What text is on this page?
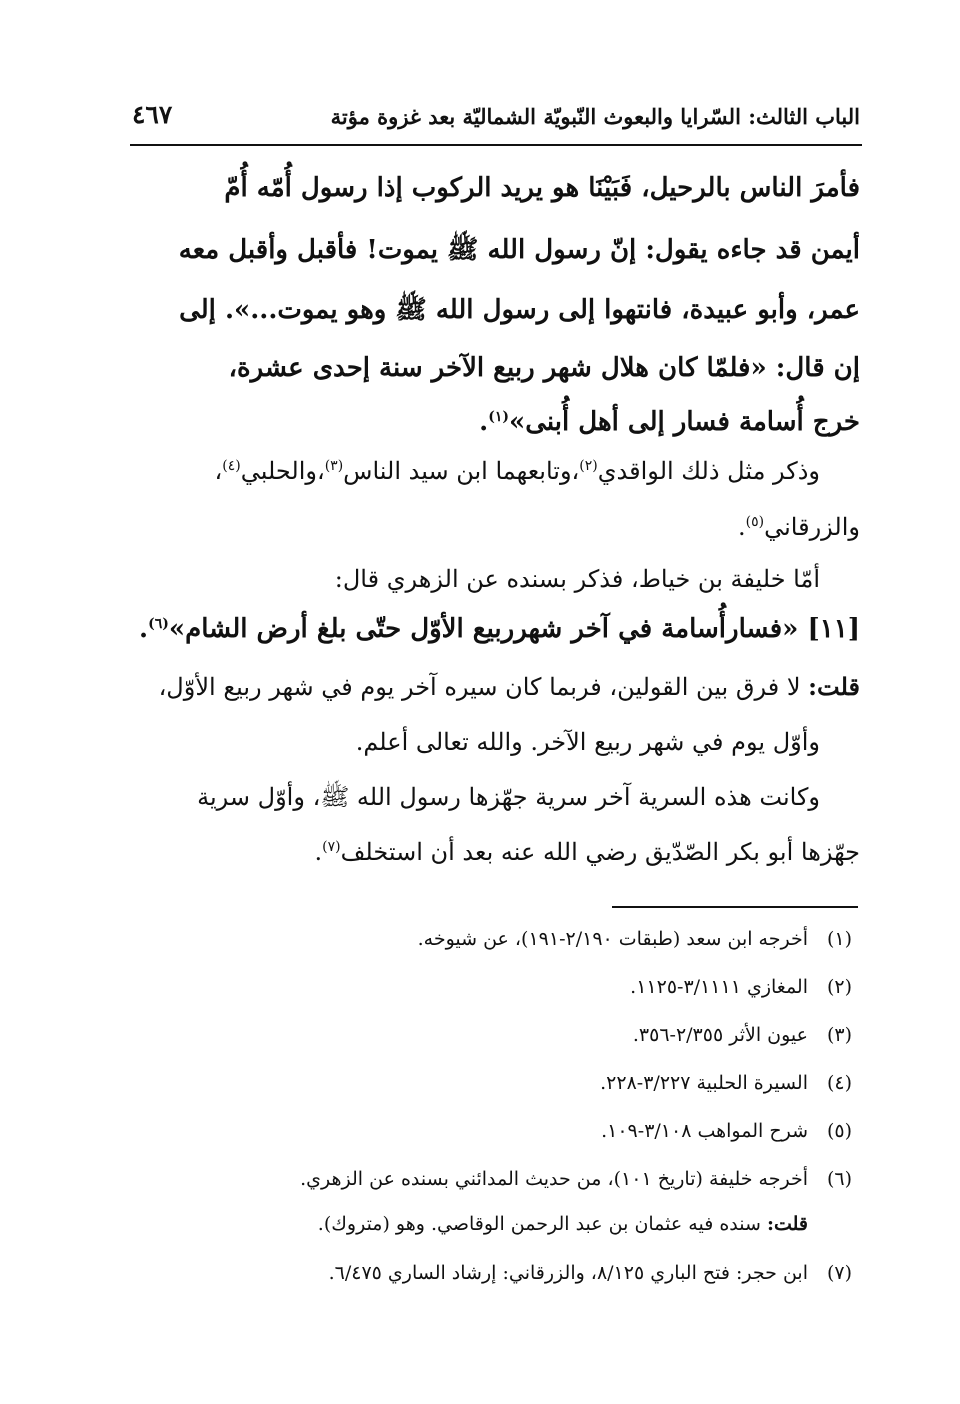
الباب الثالث: السّرايا والبعوث النّبويّة الشماليّة بعد غزوة مؤتة
٤٦٧
فأمرَ الناس بالرحيل، فَبَيْنَا هو يريد الركوب إذا رسول أُمّه أُمّ
أيمن قد جاءه يقول: إنّ رسول الله ﷺ يموت! فأقبل وأقبل معه
عمر، وأبو عبيدة، فانتهوا إلى رسول الله ﷺ وهو يموت...». إلى
إن قال: «فلمّا كان هلال شهر ربيع الآخر سنة إحدى عشرة،
خرج أُسامة فسار إلى أهل أُبنى»$^{(١)}$.
وذكر مثل ذلك الواقدي$^{(٢)}$،وتابعهما ابن سيد الناس$^{(٣)}$،والحلبي$^{(٤)}$،
والزرقاني$^{(٥)}$.
أمّا خليفة بن خياط، فذكر بسنده عن الزهري قال:
[١١] «فسارأُسامة في آخر شهرربيع الأوّل حتّى بلغ أرض الشام»$^{(٦)}$.
قلت: لا فرق بين القولين، فربما كان سيره آخر يوم في شهر ربيع الأوّل،
وأوّل يوم في شهر ربيع الآخر. والله تعالى أعلم.
وكانت هذه السرية آخر سرية جهّزها رسول الله ﷺ، وأوّل سرية
جهّزها أبو بكر الصّدّيق رضي الله عنه بعد أن استخلف$^{(٧)}$.
(١)أخرجه ابن سعد (طبقات ٢/١٩٠-١٩١)، عن شيوخه.
(٢)المغازي ٣/١١١١-١١٢٥.
(٣)عيون الأثر ٢/٣٥٥-٣٥٦.
(٤)السيرة الحلبية ٣/٢٢٧-٢٢٨.
(٥)شرح المواهب ٣/١٠٨-١٠٩.
(٦)أخرجه خليفة (تاريخ ١٠١)، من حديث المدائني بسنده عن الزهري.
قلت: سنده فيه عثمان بن عبد الرحمن الوقاصي. وهو (متروك).
(٧)ابن حجر: فتح الباري ٨/١٢٥، والزرقاني: إرشاد الساري ٦/٤٧٥.
